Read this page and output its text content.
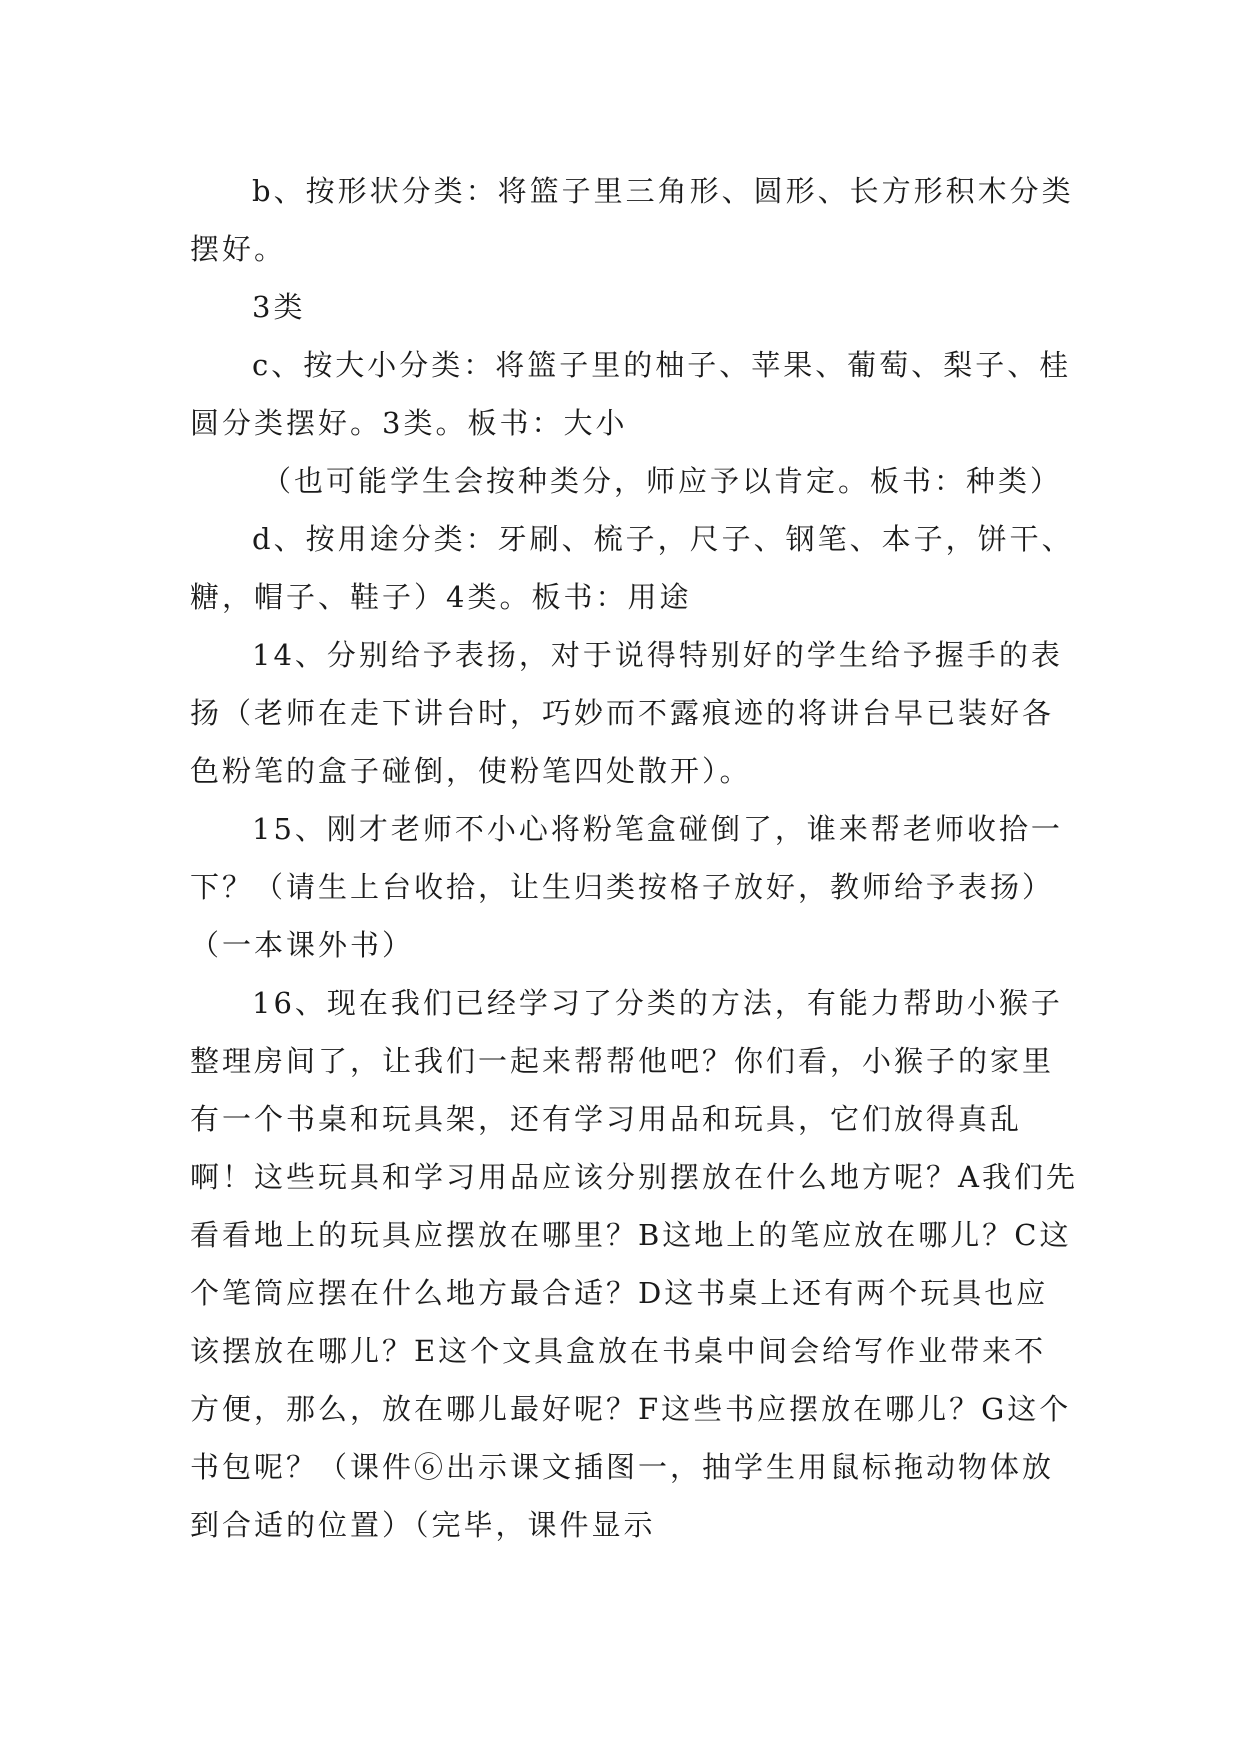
b、按形状分类：将篮子里三角形、圆形、长方形积木分类摆好。

3类

c、按大小分类：将篮子里的柚子、苹果、葡萄、梨子、桂圆分类摆好。3类。板书：大小

（也可能学生会按种类分，师应予以肯定。板书：种类）

d、按用途分类：牙刷、梳子，尺子、钢笔、本子，饼干、糖，帽子、鞋子）4类。板书：用途

14、分别给予表扬，对于说得特别好的学生给予握手的表扬（老师在走下讲台时，巧妙而不露痕迹的将讲台早已装好各色粉笔的盒子碰倒，使粉笔四处散开）。

15、刚才老师不小心将粉笔盒碰倒了，谁来帮老师收拾一下？（请生上台收拾，让生归类按格子放好，教师给予表扬）（一本课外书）

16、现在我们已经学习了分类的方法，有能力帮助小猴子整理房间了，让我们一起来帮帮他吧？你们看，小猴子的家里有一个书桌和玩具架，还有学习用品和玩具，它们放得真乱啊！这些玩具和学习用品应该分别摆放在什么地方呢？A我们先看看地上的玩具应摆放在哪里？B这地上的笔应放在哪儿？C这个笔筒应摆在什么地方最合适？D这书桌上还有两个玩具也应该摆放在哪儿？E这个文具盒放在书桌中间会给写作业带来不方便，那么，放在哪儿最好呢？F这些书应摆放在哪儿？G这个书包呢？（课件⑥出示课文插图一，抽学生用鼠标拖动物体放到合适的位置）（完毕，课件显示
